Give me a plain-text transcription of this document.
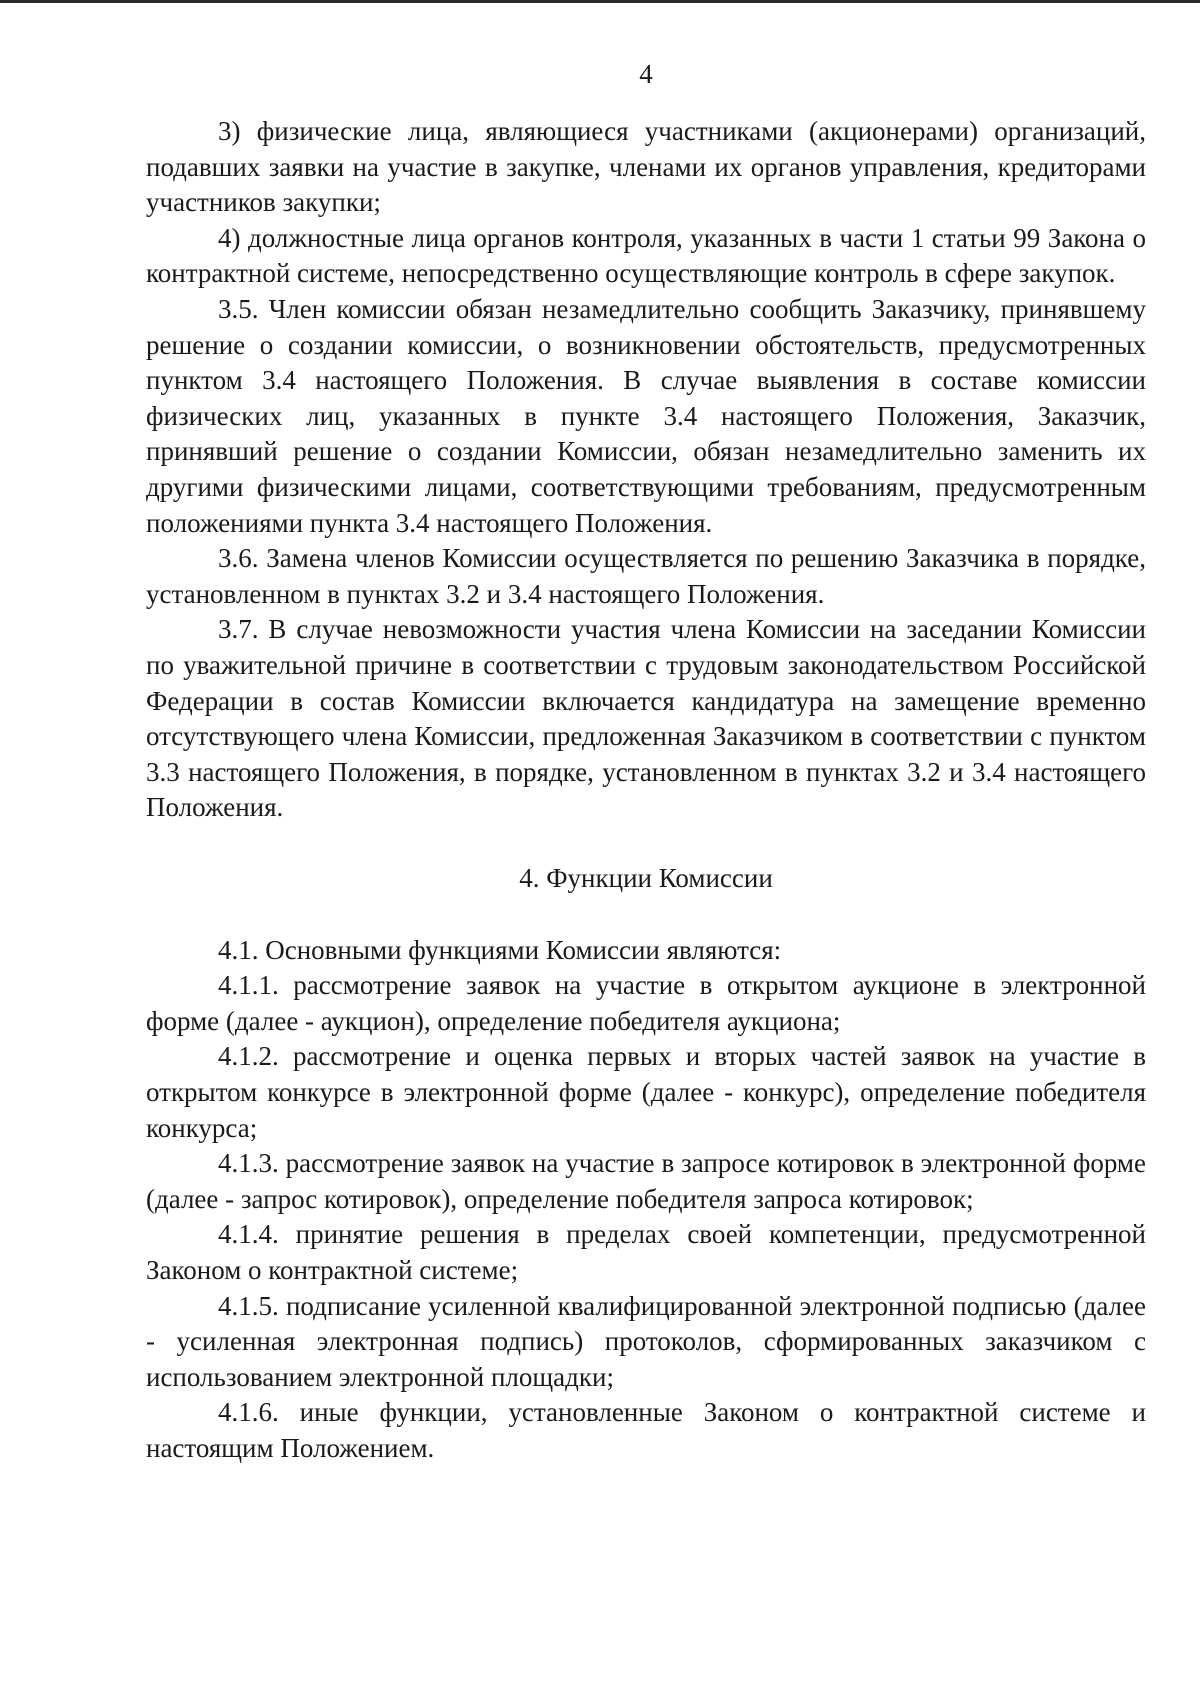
4

3) физические лица, являющиеся участниками (акционерами) организаций, подавших заявки на участие в закупке, членами их органов управления, кредиторами участников закупки;

4) должностные лица органов контроля, указанных в части 1 статьи 99 Закона о контрактной системе, непосредственно осуществляющие контроль в сфере закупок.

3.5. Член комиссии обязан незамедлительно сообщить Заказчику, принявшему решение о создании комиссии, о возникновении обстоятельств, предусмотренных пунктом 3.4 настоящего Положения. В случае выявления в составе комиссии физических лиц, указанных в пункте 3.4 настоящего Положения, Заказчик, принявший решение о создании Комиссии, обязан незамедлительно заменить их другими физическими лицами, соответствующими требованиям, предусмотренным положениями пункта 3.4 настоящего Положения.

3.6. Замена членов Комиссии осуществляется по решению Заказчика в порядке, установленном в пунктах 3.2 и 3.4 настоящего Положения.

3.7. В случае невозможности участия члена Комиссии на заседании Комиссии по уважительной причине в соответствии с трудовым законодательством Российской Федерации в состав Комиссии включается кандидатура на замещение временно отсутствующего члена Комиссии, предложенная Заказчиком в соответствии с пунктом 3.3 настоящего Положения, в порядке, установленном в пунктах 3.2 и 3.4 настоящего Положения.

4. Функции Комиссии

4.1. Основными функциями Комиссии являются:

4.1.1. рассмотрение заявок на участие в открытом аукционе в электронной форме (далее - аукцион), определение победителя аукциона;

4.1.2. рассмотрение и оценка первых и вторых частей заявок на участие в открытом конкурсе в электронной форме (далее - конкурс), определение победителя конкурса;

4.1.3. рассмотрение заявок на участие в запросе котировок в электронной форме (далее - запрос котировок), определение победителя запроса котировок;

4.1.4. принятие решения в пределах своей компетенции, предусмотренной Законом о контрактной системе;

4.1.5. подписание усиленной квалифицированной электронной подписью (далее - усиленная электронная подпись) протоколов, сформированных заказчиком с использованием электронной площадки;

4.1.6. иные функции, установленные Законом о контрактной системе и настоящим Положением.
